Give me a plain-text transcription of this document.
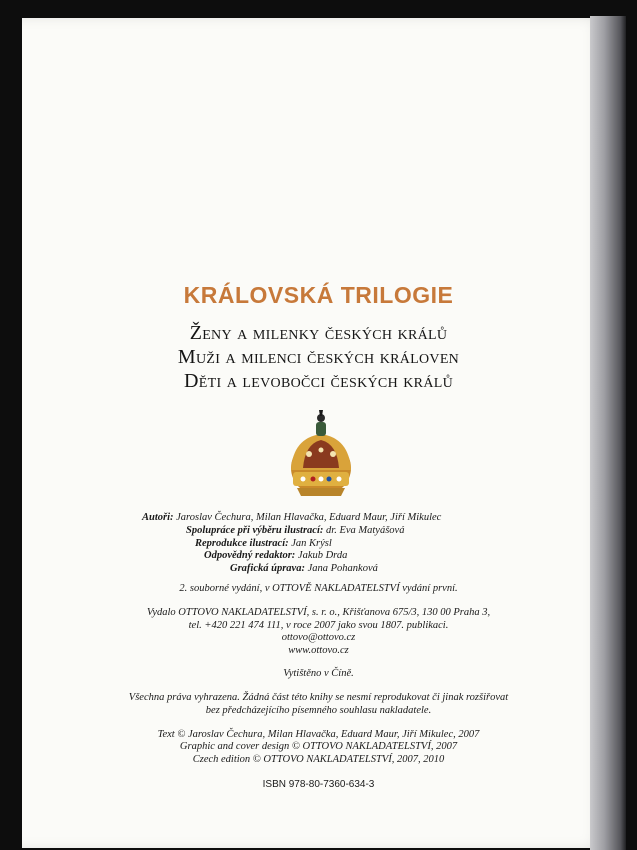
KRÁLOVSKÁ TRILOGIE
Ženy a milenky českých králů
Muži a milenci českých královen
Děti a levobočci českých králů
Autoři: Jaroslav Čechura, Milan Hlavačka, Eduard Maur, Jiří Mikulec
Spolupráce při výběru ilustrací: dr. Eva Matyášová
Reprodukce ilustrací: Jan Krýsl
Odpovědný redaktor: Jakub Drda
Grafická úprava: Jana Pohanková
2. souborné vydání, v OTTOVĚ NAKLADATELSTVÍ vydání první.
Vydalo OTTOVO NAKLADATELSTVÍ, s. r. o., Křišťanova 675/3, 130 00 Praha 3,
tel. +420 221 474 111, v roce 2007 jako svou 1807. publikaci.
ottovo@ottovo.cz
www.ottovo.cz
Vytištěno v Číně.
Všechna práva vyhrazena. Žádná část této knihy se nesmí reprodukovat či jinak rozšiřovat
bez předcházejícího písemného souhlasu nakladatele.
Text © Jaroslav Čechura, Milan Hlavačka, Eduard Maur, Jiří Mikulec, 2007
Graphic and cover design © OTTOVO NAKLADATELSTVÍ, 2007
Czech edition © OTTOVO NAKLADATELSTVÍ, 2007, 2010
ISBN 978-80-7360-634-3
